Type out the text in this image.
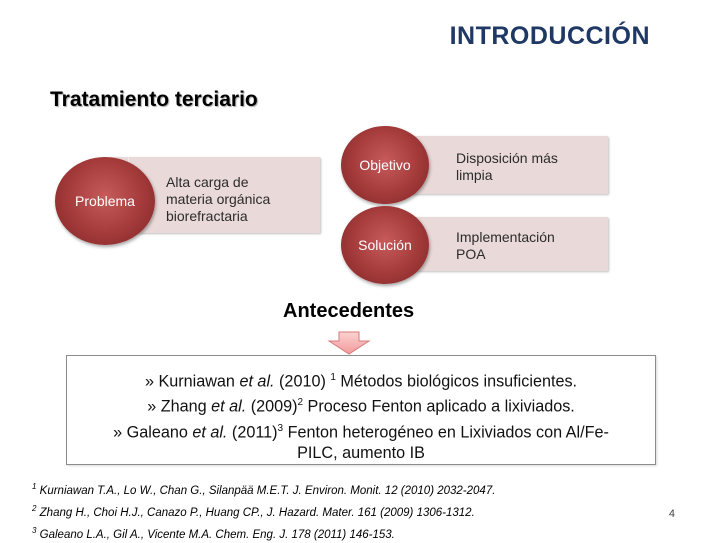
INTRODUCCIÓN
Tratamiento terciario
Problema
Alta carga de
materia orgánica
biorefractaria
Objetivo	Disposición más
limpia
Solución	Implementación
POA
Antecedentes

» Kurniawan et al. (2010) $^1$ Métodos biológicos insuficientes.

» Zhang et al. $(2009)^2$ Proceso Fenton aplicado a lixiviados.

» Galeano et al. $(2011)^3$ Fenton heterogéneo en Lixiviados con Al/Fe-

PILC, aumento IB

$^1$ Kurniawan T.A., Lo W., Chan G., Silanpää M.E.T. J. Environ. Monit. 12 (2010) 2032-2047.
$^2$ Zhang H., Choi H.J., Canazo P., Huang CP., J. Hazard. Mater. 161 (2009) 1306-1312.
$^3$ Galeano L.A., Gil A., Vicente M.A. Chem. Eng. J. 178 (2011) 146-153.
4
